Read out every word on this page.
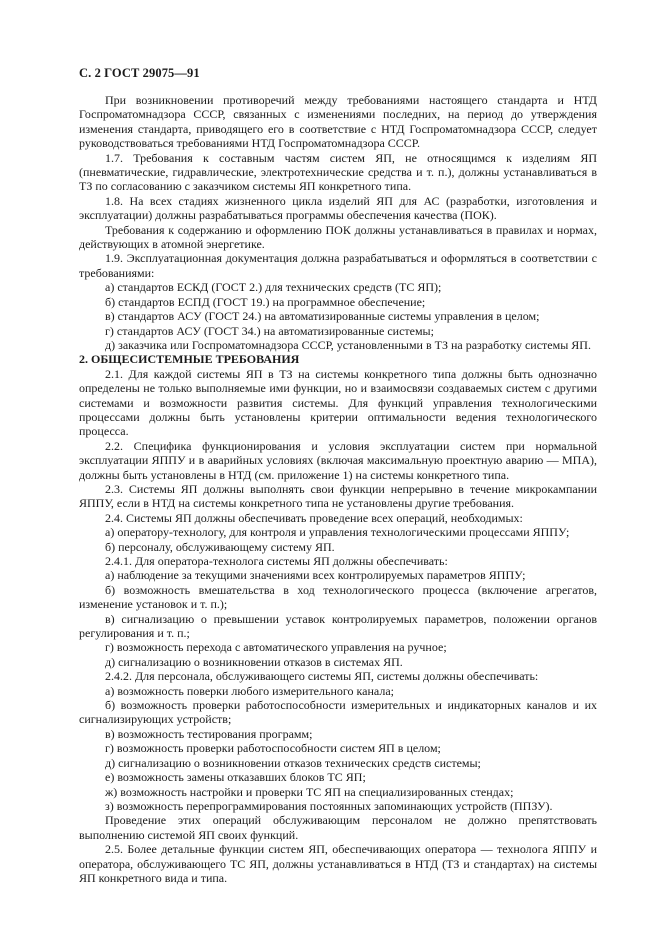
С. 2 ГОСТ 29075—91

При возникновении противоречий между требованиями настоящего стандарта и НТД Госпроматомнадзора СССР, связанных с изменениями последних, на период до утверждения изменения стандарта, приводящего его в соответствие с НТД Госпроматомнадзора СССР, следует руководствоваться требованиями НТД Госпроматомнадзора СССР.

1.7. Требования к составным частям систем ЯП, не относящимся к изделиям ЯП (пневматические, гидравлические, электротехнические средства и т. п.), должны устанавливаться в ТЗ по согласованию с заказчиком системы ЯП конкретного типа.

1.8. На всех стадиях жизненного цикла изделий ЯП для АС (разработки, изготовления и эксплуатации) должны разрабатываться программы обеспечения качества (ПОК).

Требования к содержанию и оформлению ПОК должны устанавливаться в правилах и нормах, действующих в атомной энергетике.

1.9. Эксплуатационная документация должна разрабатываться и оформляться в соответствии с требованиями:

а) стандартов ЕСКД (ГОСТ 2.) для технических средств (ТС ЯП);

б) стандартов ЕСПД (ГОСТ 19.) на программное обеспечение;

в) стандартов АСУ (ГОСТ 24.) на автоматизированные системы управления в целом;

г) стандартов АСУ (ГОСТ 34.) на автоматизированные системы;

д) заказчика или Госпроматомнадзора СССР, установленными в ТЗ на разработку системы ЯП.

2. ОБЩЕСИСТЕМНЫЕ ТРЕБОВАНИЯ

2.1. Для каждой системы ЯП в ТЗ на системы конкретного типа должны быть однозначно определены не только выполняемые ими функции, но и взаимосвязи создаваемых систем с другими системами и возможности развития системы. Для функций управления технологическими процессами должны быть установлены критерии оптимальности ведения технологического процесса.

2.2. Специфика функционирования и условия эксплуатации систем при нормальной эксплуатации ЯППУ и в аварийных условиях (включая максимальную проектную аварию — МПА), должны быть установлены в НТД (см. приложение 1) на системы конкретного типа.

2.3. Системы ЯП должны выполнять свои функции непрерывно в течение микрокампании ЯППУ, если в НТД на системы конкретного типа не установлены другие требования.

2.4. Системы ЯП должны обеспечивать проведение всех операций, необходимых:

а) оператору-технологу, для контроля и управления технологическими процессами ЯППУ;

б) персоналу, обслуживающему систему ЯП.

2.4.1. Для оператора-технолога системы ЯП должны обеспечивать:

а) наблюдение за текущими значениями всех контролируемых параметров ЯППУ;

б) возможность вмешательства в ход технологического процесса (включение агрегатов, изменение установок и т. п.);

в) сигнализацию о превышении уставок контролируемых параметров, положении органов регулирования и т. п.;

г) возможность перехода с автоматического управления на ручное;

д) сигнализацию о возникновении отказов в системах ЯП.

2.4.2. Для персонала, обслуживающего системы ЯП, системы должны обеспечивать:

а) возможность поверки любого измерительного канала;

б) возможность проверки работоспособности измерительных и индикаторных каналов и их сигнализирующих устройств;

в) возможность тестирования программ;

г) возможность проверки работоспособности систем ЯП в целом;

д) сигнализацию о возникновении отказов технических средств системы;

е) возможность замены отказавших блоков ТС ЯП;

ж) возможность настройки и проверки ТС ЯП на специализированных стендах;

з) возможность перепрограммирования постоянных запоминающих устройств (ППЗУ).

Проведение этих операций обслуживающим персоналом не должно препятствовать выполнению системой ЯП своих функций.

2.5. Более детальные функции систем ЯП, обеспечивающих оператора — технолога ЯППУ и оператора, обслуживающего ТС ЯП, должны устанавливаться в НТД (ТЗ и стандартах) на системы ЯП конкретного вида и типа.
